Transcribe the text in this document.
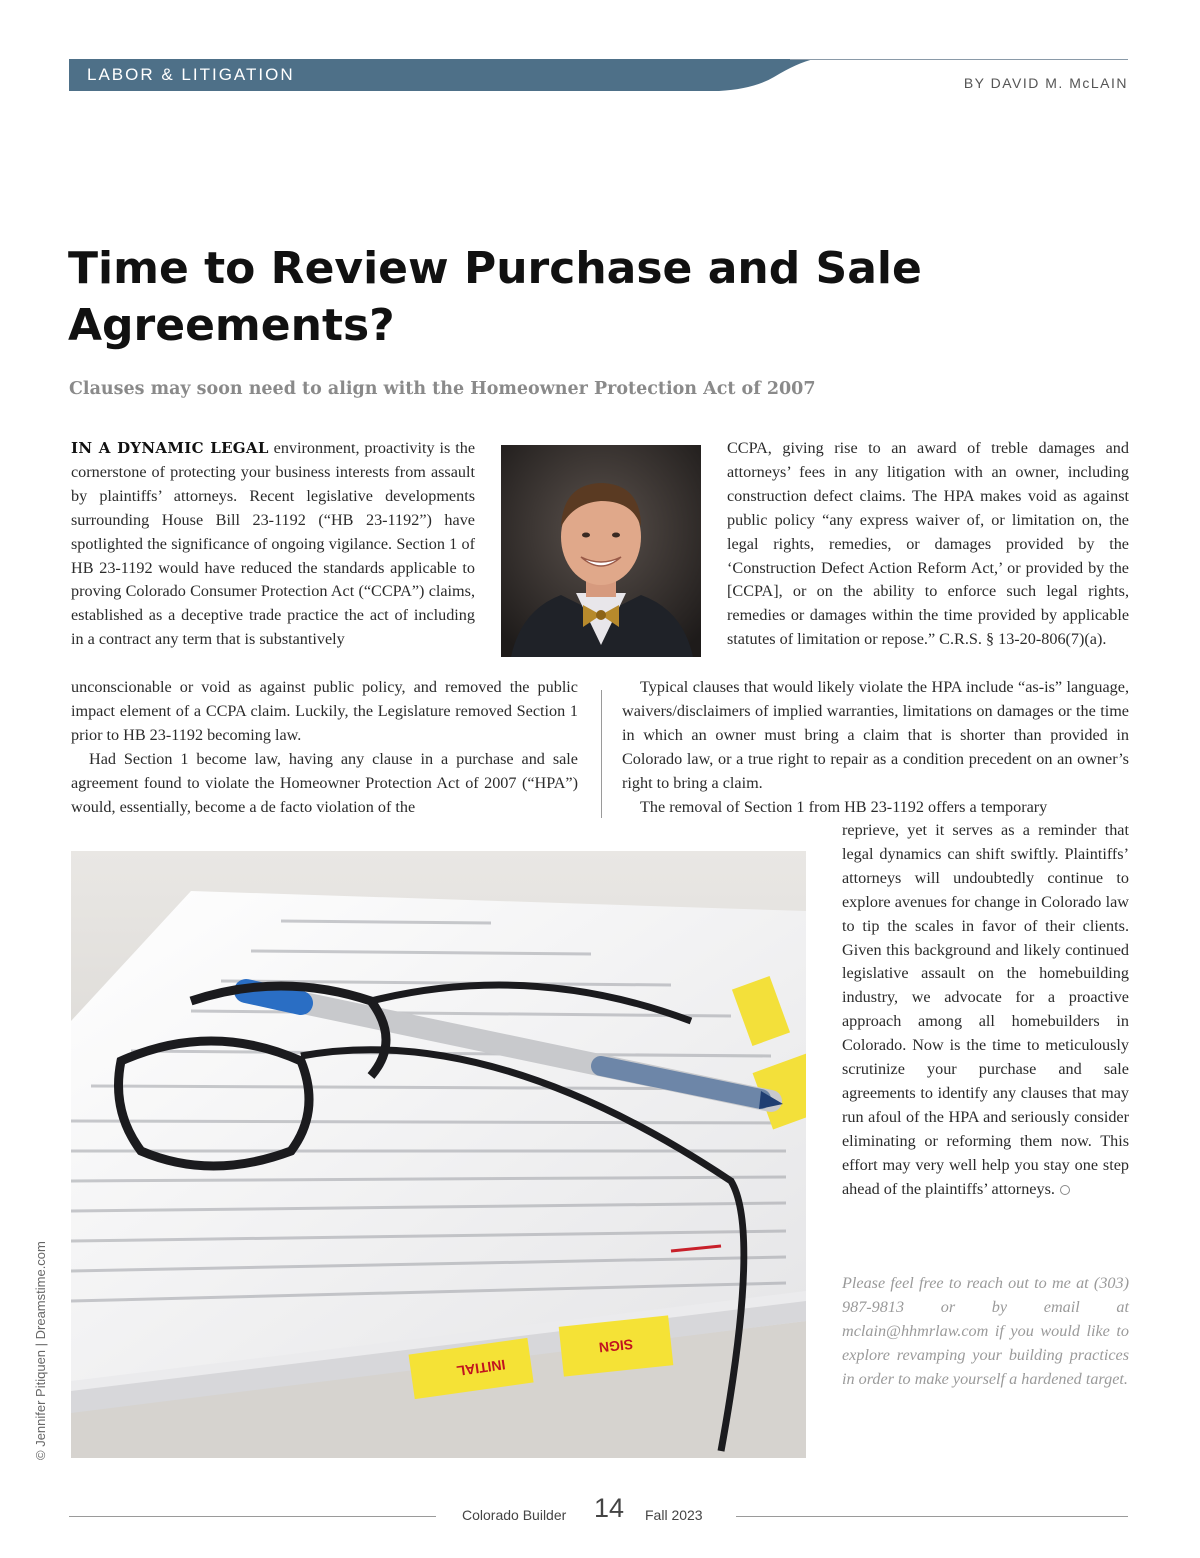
LABOR & LITIGATION	BY DAVID M. McLAIN
Time to Review Purchase and Sale Agreements?
Clauses may soon need to align with the Homeowner Protection Act of 2007

IN A DYNAMIC LEGAL environment, proactivity is the cornerstone of protecting your business interests from assault by plaintiffs’ attorneys. Recent legislative developments surrounding House Bill 23-1192 (“HB 23-1192”) have spotlighted the significance of ongoing vigilance. Section 1 of HB 23-1192 would have reduced the standards applicable to proving Colorado Consumer Protection Act (“CCPA”) claims, established as a deceptive trade practice the act of including in a contract any term that is substantively

unconscionable or void as against public policy, and removed the public impact element of a CCPA claim. Luckily, the Legislature removed Section 1 prior to HB 23-1192 becoming law.

Had Section 1 become law, having any clause in a purchase and sale agreement found to violate the Homeowner Protection Act of 2007 (“HPA”) would, essentially, become a de facto violation of the

CCPA, giving rise to an award of treble damages and attorneys’ fees in any litigation with an owner, including construction defect claims. The HPA makes void as against public policy “any express waiver of, or limitation on, the legal rights, remedies, or damages provided by the ‘Construction Defect Action Reform Act,’ or provided by the [CCPA], or on the ability to enforce such legal rights, remedies or damages within the time provided by applicable statutes of limitation or repose.” C.R.S. § 13-20-806(7)(a).

Typical clauses that would likely violate the HPA include “as-is” language, waivers/disclaimers of implied warranties, limitations on damages or the time in which an owner must bring a claim that is shorter than provided in Colorado law, or a true right to repair as a condition precedent on an owner’s right to bring a claim.

The removal of Section 1 from HB 23-1192 offers a temporary

reprieve, yet it serves as a reminder that legal dynamics can shift swiftly. Plaintiffs’ attorneys will undoubtedly continue to explore avenues for change in Colorado law to tip the scales in favor of their clients. Given this background and likely continued legislative assault on the homebuilding industry, we advocate for a proactive approach among all homebuilders in Colorado. Now is the time to meticulously scrutinize your purchase and sale agreements to identify any clauses that may run afoul of the HPA and seriously consider eliminating or reforming them now. This effort may very well help you stay one step ahead of the plaintiffs’ attorneys.

Please feel free to reach out to me at (303) 987-9813 or by email at mclain@hhmrlaw.com if you would like to explore revamping your building practices in order to make yourself a hardened target.
INITIAL
SIGN
© Jennifer Pitiquen | Dreamstime.com
Colorado Builder 14 Fall 2023
